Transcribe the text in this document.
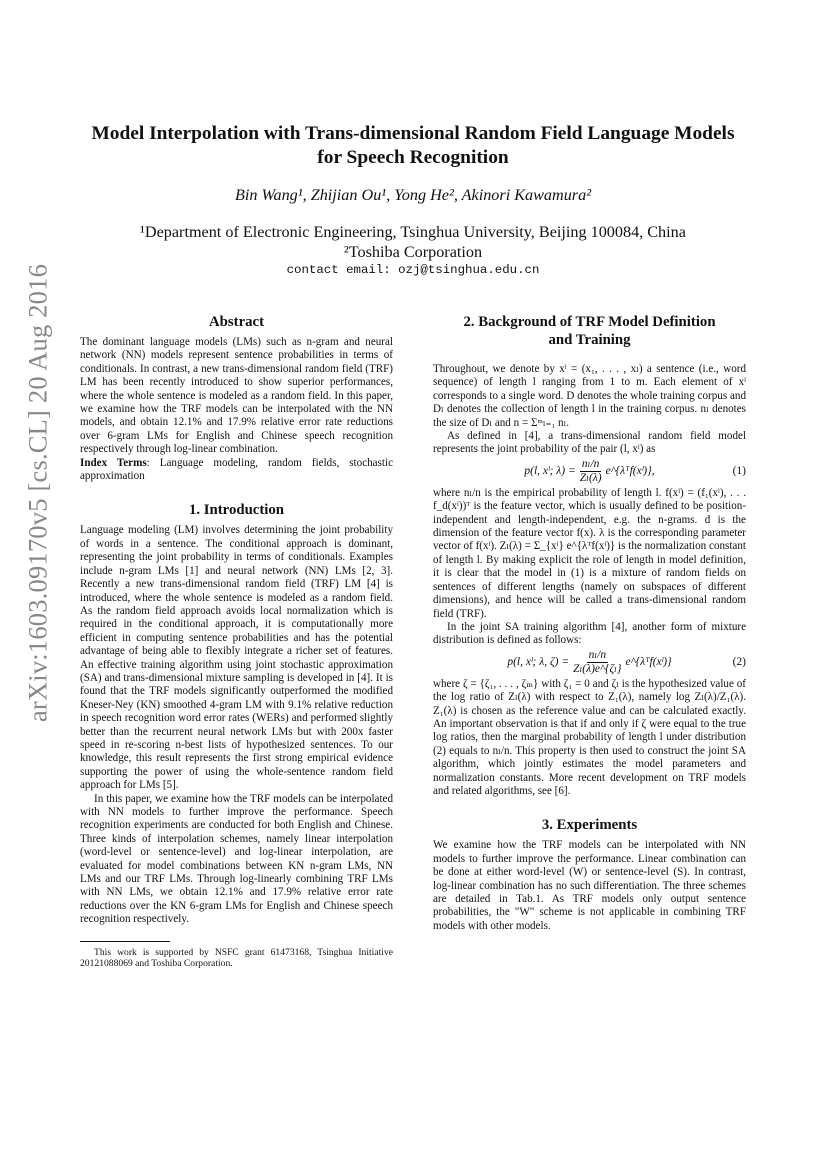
arXiv:1603.09170v5 [cs.CL] 20 Aug 2016
Model Interpolation with Trans-dimensional Random Field Language Models
for Speech Recognition
Bin Wang¹, Zhijian Ou¹, Yong He², Akinori Kawamura²
¹Department of Electronic Engineering, Tsinghua University, Beijing 100084, China
²Toshiba Corporation
contact email: ozj@tsinghua.edu.cn
Abstract

The dominant language models (LMs) such as n-gram and neural network (NN) models represent sentence probabilities in terms of conditionals. In contrast, a new trans-dimensional random field (TRF) LM has been recently introduced to show superior performances, where the whole sentence is modeled as a random field. In this paper, we examine how the TRF models can be interpolated with the NN models, and obtain 12.1% and 17.9% relative error rate reductions over 6-gram LMs for English and Chinese speech recognition respectively through log-linear combination.

Index Terms: Language modeling, random fields, stochastic approximation

1. Introduction

Language modeling (LM) involves determining the joint probability of words in a sentence. The conditional approach is dominant, representing the joint probability in terms of conditionals. Examples include n-gram LMs [1] and neural network (NN) LMs [2, 3]. Recently a new trans-dimensional random field (TRF) LM [4] is introduced, where the whole sentence is modeled as a random field. As the random field approach avoids local normalization which is required in the conditional approach, it is computationally more efficient in computing sentence probabilities and has the potential advantage of being able to flexibly integrate a richer set of features. An effective training algorithm using joint stochastic approximation (SA) and trans-dimensional mixture sampling is developed in [4]. It is found that the TRF models significantly outperformed the modified Kneser-Ney (KN) smoothed 4-gram LM with 9.1% relative reduction in speech recognition word error rates (WERs) and performed slightly better than the recurrent neural network LMs but with 200x faster speed in re-scoring n-best lists of hypothesized sentences. To our knowledge, this result represents the first strong empirical evidence supporting the power of using the whole-sentence random field approach for LMs [5].

In this paper, we examine how the TRF models can be interpolated with NN models to further improve the performance. Speech recognition experiments are conducted for both English and Chinese. Three kinds of interpolation schemes, namely linear interpolation (word-level or sentence-level) and log-linear interpolation, are evaluated for model combinations between KN n-gram LMs, NN LMs and our TRF LMs. Through log-linearly combining TRF LMs with NN LMs, we obtain 12.1% and 17.9% relative error rate reductions over the KN 6-gram LMs for English and Chinese speech recognition respectively.

This work is supported by NSFC grant 61473168, Tsinghua Initiative 20121088069 and Toshiba Corporation.

2. Background of TRF Model Definition
and Training

Throughout, we denote by xˡ = (x₁, . . . , xₗ) a sentence (i.e., word sequence) of length l ranging from 1 to m. Each element of xˡ corresponds to a single word. D denotes the whole training corpus and Dₗ denotes the collection of length l in the training corpus. nₗ denotes the size of Dₗ and n = Σᵐₗ₌₁ nₗ.

As defined in [4], a trans-dimensional random field model represents the joint probability of the pair (l, xˡ) as

p(l, xˡ; $\lambda) = \frac{\text{nₗ/n}}{\text{Zₗ(λ)}}$ e^{λᵀf(xˡ)},	(1)

where nₗ/n is the empirical probability of length l. f(xˡ) = (f₁(xˡ), . . . f_d(xˡ))ᵀ is the feature vector, which is usually defined to be position-independent and length-independent, e.g. the n-grams. d is the dimension of the feature vector f(x). λ is the corresponding parameter vector of f(xˡ). Zₗ(λ) = Σ_{xˡ} e^{λᵀf(xˡ)} is the normalization constant of length l. By making explicit the role of length in model definition, it is clear that the model in (1) is a mixture of random fields on sentences of different lengths (namely on subspaces of different dimensions), and hence will be called a trans-dimensional random field (TRF).

In the joint SA training algorithm [4], another form of mixture distribution is defined as follows:

p(l, xˡ; λ, $\zeta) = \frac{\text{nₗ/n}}{\text{Zₗ(λ)e\textasciicircum{}\{ζₗ\}}}$ e^{λᵀf(xˡ)}	(2)

where ζ = {ζ₁, . . . , ζₘ} with ζ₁ = 0 and ζₗ is the hypothesized value of the log ratio of Zₗ(λ) with respect to Z₁(λ), namely log Zₗ(λ)/Z₁(λ). Z₁(λ) is chosen as the reference value and can be calculated exactly. An important observation is that if and only if ζ were equal to the true log ratios, then the marginal probability of length l under distribution (2) equals to nₗ/n. This property is then used to construct the joint SA algorithm, which jointly estimates the model parameters and normalization constants. More recent development on TRF models and related algorithms, see [6].

3. Experiments

We examine how the TRF models can be interpolated with NN models to further improve the performance. Linear combination can be done at either word-level (W) or sentence-level (S). In contrast, log-linear combination has no such differentiation. The three schemes are detailed in Tab.1. As TRF models only output sentence probabilities, the "W" scheme is not applicable in combining TRF models with other models.
